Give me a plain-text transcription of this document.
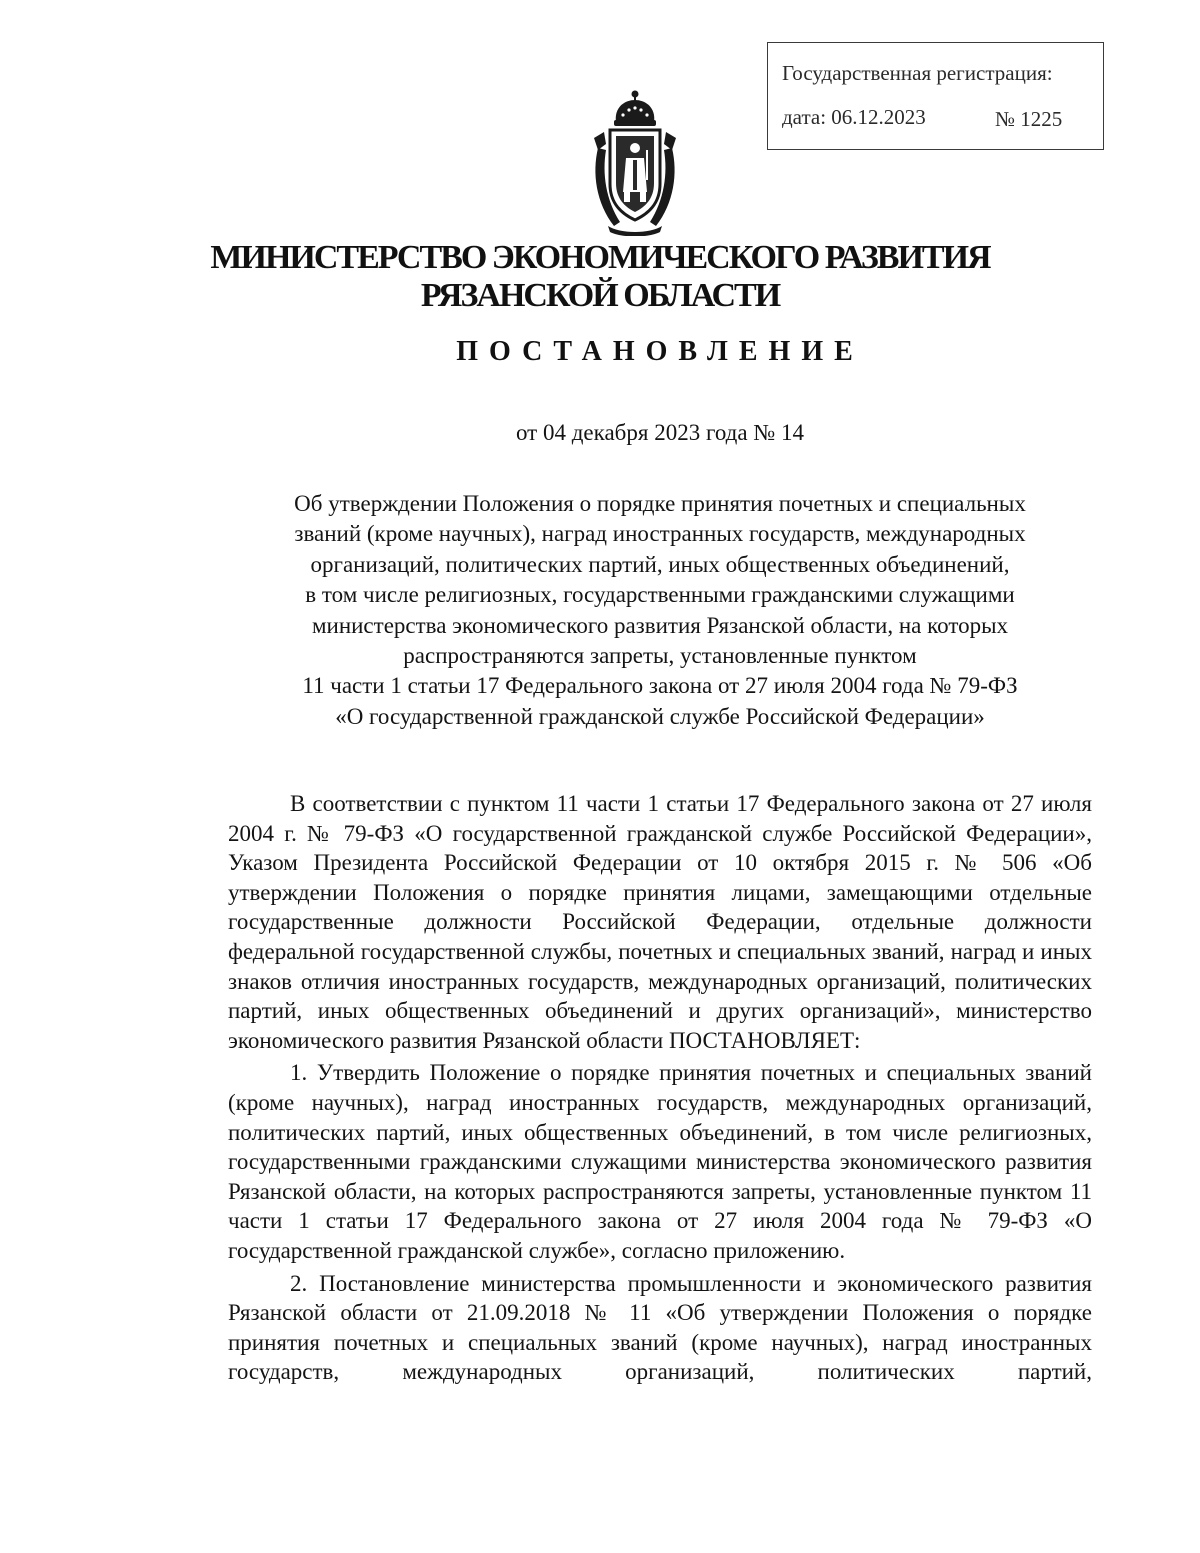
Государственная регистрация:
дата: 06.12.2023	№ 1225
МИНИСТЕРСТВО ЭКОНОМИЧЕСКОГО РАЗВИТИЯ
РЯЗАНСКОЙ ОБЛАСТИ
ПОСТАНОВЛЕНИЕ
от 04 декабря 2023 года № 14
Об утверждении Положения о порядке принятия почетных и специальных
званий (кроме научных), наград иностранных государств, международных
организаций, политических партий, иных общественных объединений,
в том числе религиозных, государственными гражданскими служащими
министерства экономического развития Рязанской области, на которых
распространяются запреты, установленные пунктом
11 части 1 статьи 17 Федерального закона от 27 июля 2004 года № 79-ФЗ
«О государственной гражданской службе Российской Федерации»

В соответствии с пунктом 11 части 1 статьи 17 Федерального закона от 27 июля 2004 г. № 79-ФЗ «О государственной гражданской службе Российской Федерации», Указом Президента Российской Федерации от 10 октября 2015 г. № 506 «Об утверждении Положения о порядке принятия лицами, замещающими отдельные государственные должности Российской Федерации, отдельные должности федеральной государственной службы, почетных и специальных званий, наград и иных знаков отличия иностранных государств, международных организаций, политических партий, иных общественных объединений и других организаций», министерство экономического развития Рязанской области ПОСТАНОВЛЯЕТ:

1. Утвердить Положение о порядке принятия почетных и специальных званий (кроме научных), наград иностранных государств, международных организаций, политических партий, иных общественных объединений, в том числе религиозных, государственными гражданскими служащими министерства экономического развития Рязанской области, на которых распространяются запреты, установленные пунктом 11 части 1 статьи 17 Федерального закона от 27 июля 2004 года № 79-ФЗ «О государственной гражданской службе», согласно приложению.

2. Постановление министерства промышленности и экономического развития Рязанской области от 21.09.2018 № 11 «Об утверждении Положения о порядке принятия почетных и специальных званий (кроме научных), наград иностранных государств, международных организаций, политических партий,
